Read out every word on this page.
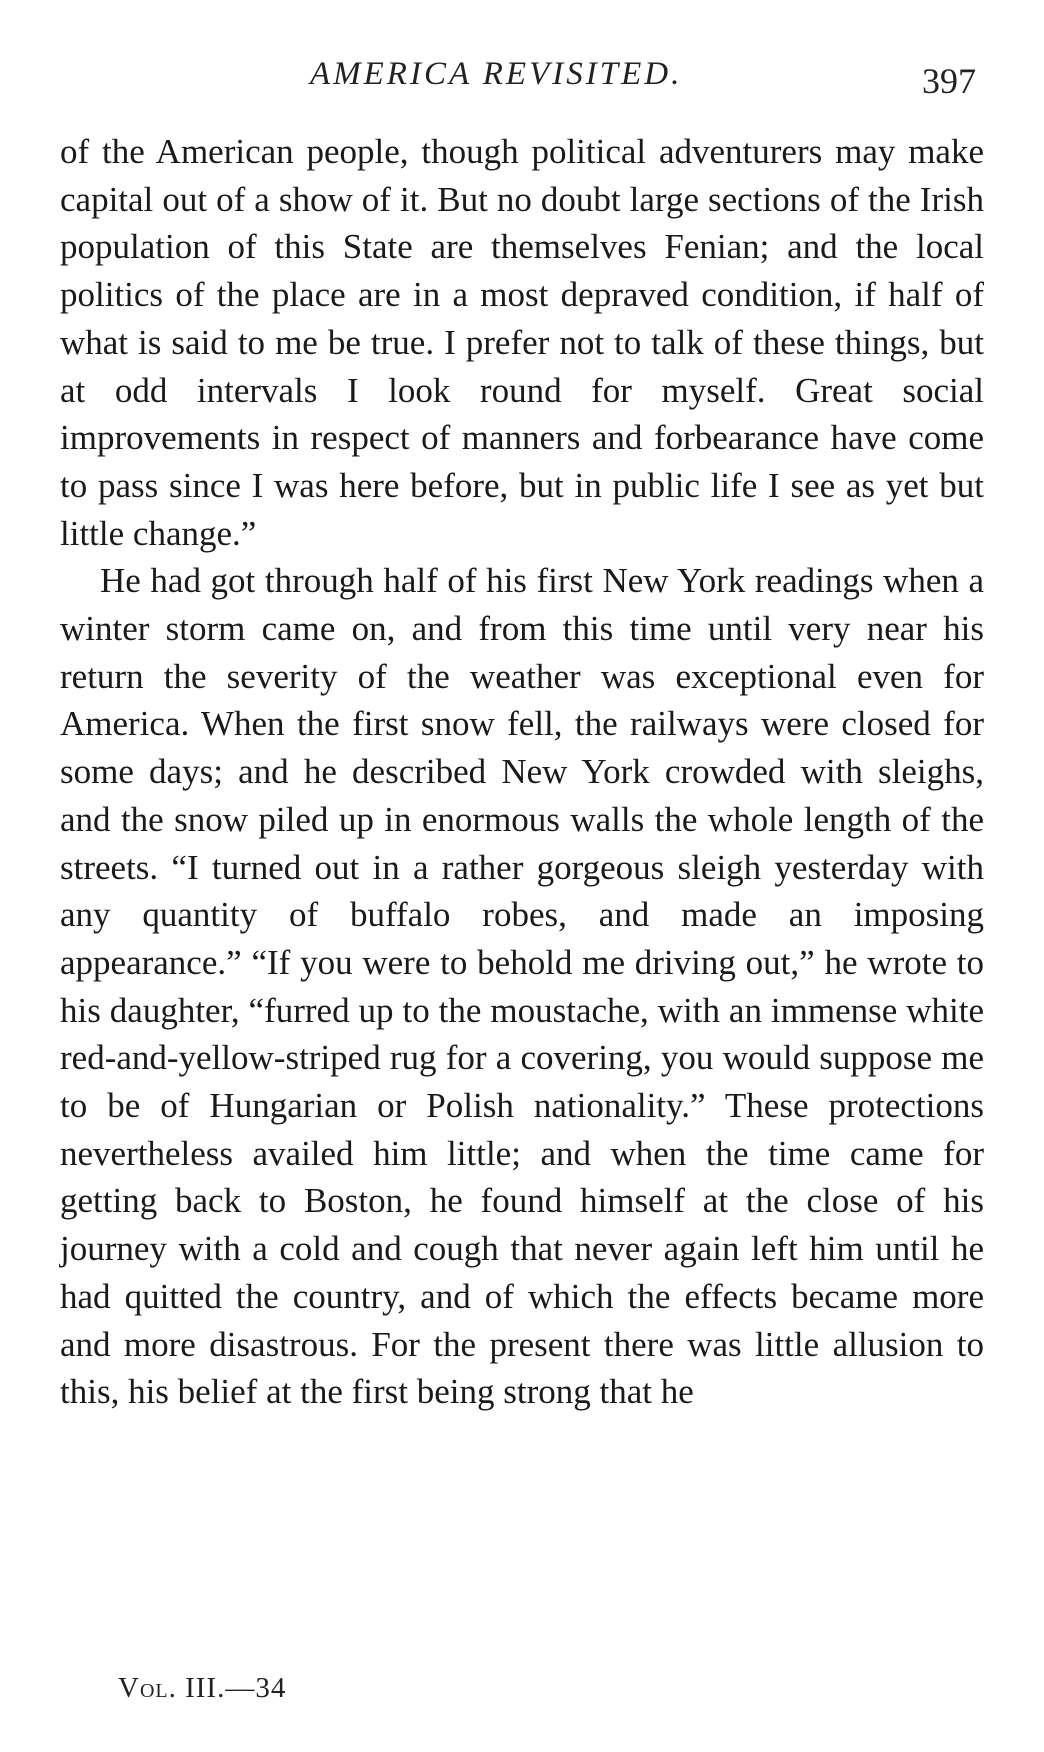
AMERICA REVISITED.	397

of the American people, though political adventurers may make capital out of a show of it. But no doubt large sections of the Irish population of this State are themselves Fenian; and the local politics of the place are in a most depraved condition, if half of what is said to me be true. I prefer not to talk of these things, but at odd intervals I look round for myself. Great social improvements in respect of manners and forbearance have come to pass since I was here before, but in public life I see as yet but little change.”

He had got through half of his first New York readings when a winter storm came on, and from this time until very near his return the severity of the weather was exceptional even for America. When the first snow fell, the railways were closed for some days; and he described New York crowded with sleighs, and the snow piled up in enormous walls the whole length of the streets. “I turned out in a rather gorgeous sleigh yesterday with any quantity of buffalo robes, and made an imposing appearance.” “If you were to behold me driving out,” he wrote to his daughter, “furred up to the moustache, with an immense white red-and-yellow-striped rug for a covering, you would suppose me to be of Hungarian or Polish nationality.” These protections nevertheless availed him little; and when the time came for getting back to Boston, he found himself at the close of his journey with a cold and cough that never again left him until he had quitted the country, and of which the effects became more and more disastrous. For the present there was little allusion to this, his belief at the first being strong that he

Vol. III.—34
